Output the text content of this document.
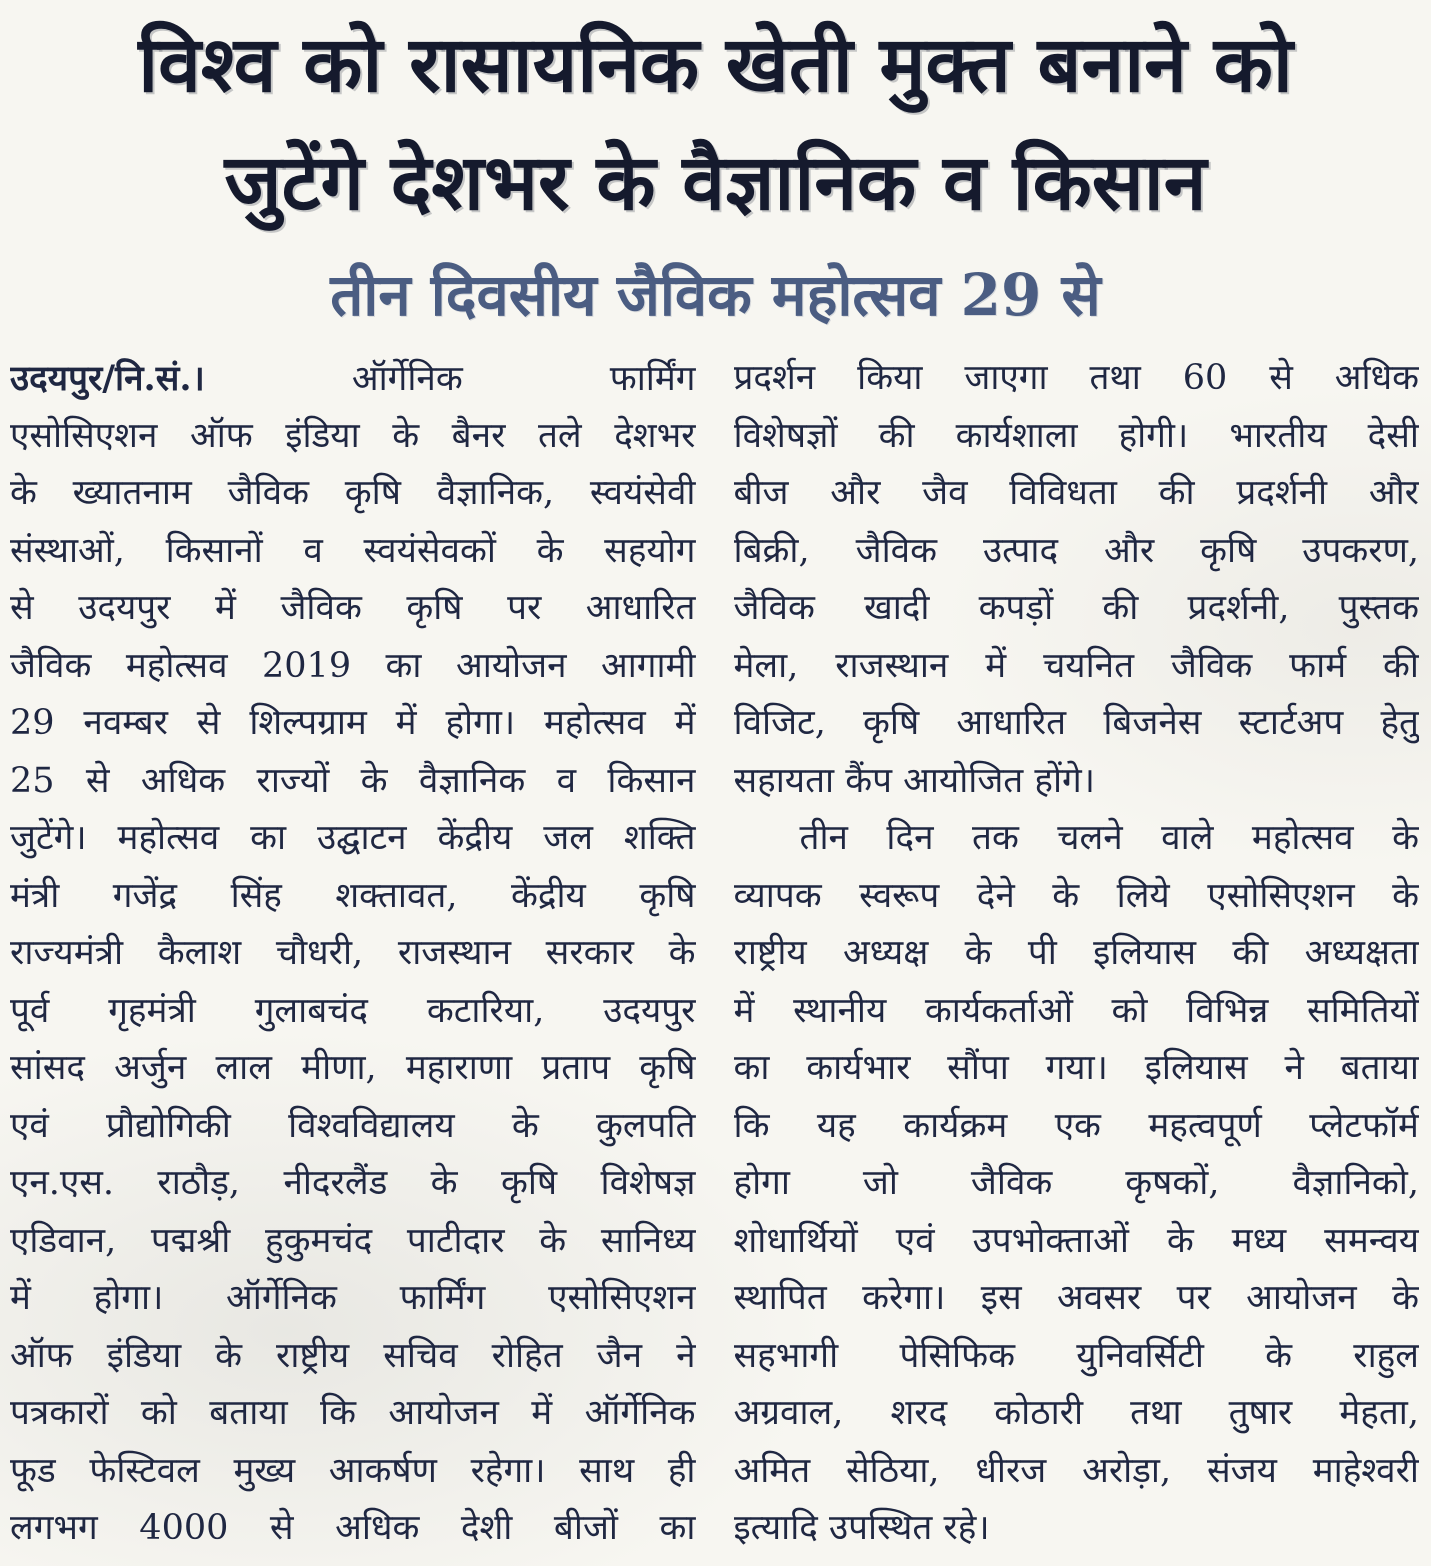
विश्व को रासायनिक खेती मुक्त बनाने को
जुटेंगे देशभर के वैज्ञानिक व किसान
तीन दिवसीय जैविक महोत्सव 29 से
उदयपुर/नि.सं.।	ऑर्गेनिक फार्मिंग
एसोसिएशन ऑफ इंडिया के बैनर तले देशभर
के ख्यातनाम जैविक कृषि वैज्ञानिक, स्वयंसेवी
संस्थाओं, किसानों व स्वयंसेवकों के सहयोग
से उदयपुर में जैविक कृषि पर आधारित
जैविक महोत्सव 2019 का आयोजन आगामी
29 नवम्बर से शिल्पग्राम में होगा। महोत्सव में
25 से अधिक राज्यों के वैज्ञानिक व किसान
जुटेंगे। महोत्सव का उद्घाटन केंद्रीय जल शक्ति
मंत्री गजेंद्र सिंह शक्तावत, केंद्रीय कृषि
राज्यमंत्री कैलाश चौधरी, राजस्थान सरकार के
पूर्व गृहमंत्री गुलाबचंद कटारिया, उदयपुर
सांसद अर्जुन लाल मीणा, महाराणा प्रताप कृषि
एवं प्रौद्योगिकी विश्वविद्यालय के कुलपति
एन.एस. राठौड़, नीदरलैंड के कृषि विशेषज्ञ
एडिवान, पद्मश्री हुकुमचंद पाटीदार के सानिध्य
में होगा। ऑर्गेनिक फार्मिंग एसोसिएशन
ऑफ इंडिया के राष्ट्रीय सचिव रोहित जैन ने
पत्रकारों को बताया कि आयोजन में ऑर्गेनिक
फूड फेस्टिवल मुख्य आकर्षण रहेगा। साथ ही
लगभग 4000 से अधिक देशी बीजों का
प्रदर्शन किया जाएगा तथा 60 से अधिक
विशेषज्ञों की कार्यशाला होगी। भारतीय देसी
बीज और जैव विविधता की प्रदर्शनी और
बिक्री, जैविक उत्पाद और कृषि उपकरण,
जैविक खादी कपड़ों की प्रदर्शनी, पुस्तक
मेला, राजस्थान में चयनित जैविक फार्म की
विजिट, कृषि आधारित बिजनेस स्टार्टअप हेतु
सहायता कैंप आयोजित होंगे।
तीन दिन तक चलने वाले महोत्सव के
व्यापक स्वरूप देने के लिये एसोसिएशन के
राष्ट्रीय अध्यक्ष के पी इलियास की अध्यक्षता
में स्थानीय कार्यकर्ताओं को विभिन्न समितियों
का कार्यभार सौंपा गया। इलियास ने बताया
कि यह कार्यक्रम एक महत्वपूर्ण प्लेटफॉर्म
होगा जो जैविक कृषकों, वैज्ञानिको,
शोधार्थियों एवं उपभोक्ताओं के मध्य समन्वय
स्थापित करेगा। इस अवसर पर आयोजन के
सहभागी पेसिफिक युनिवर्सिटी के राहुल
अग्रवाल, शरद कोठारी तथा तुषार मेहता,
अमित सेठिया, धीरज अरोड़ा, संजय माहेश्वरी
इत्यादि उपस्थित रहे।
